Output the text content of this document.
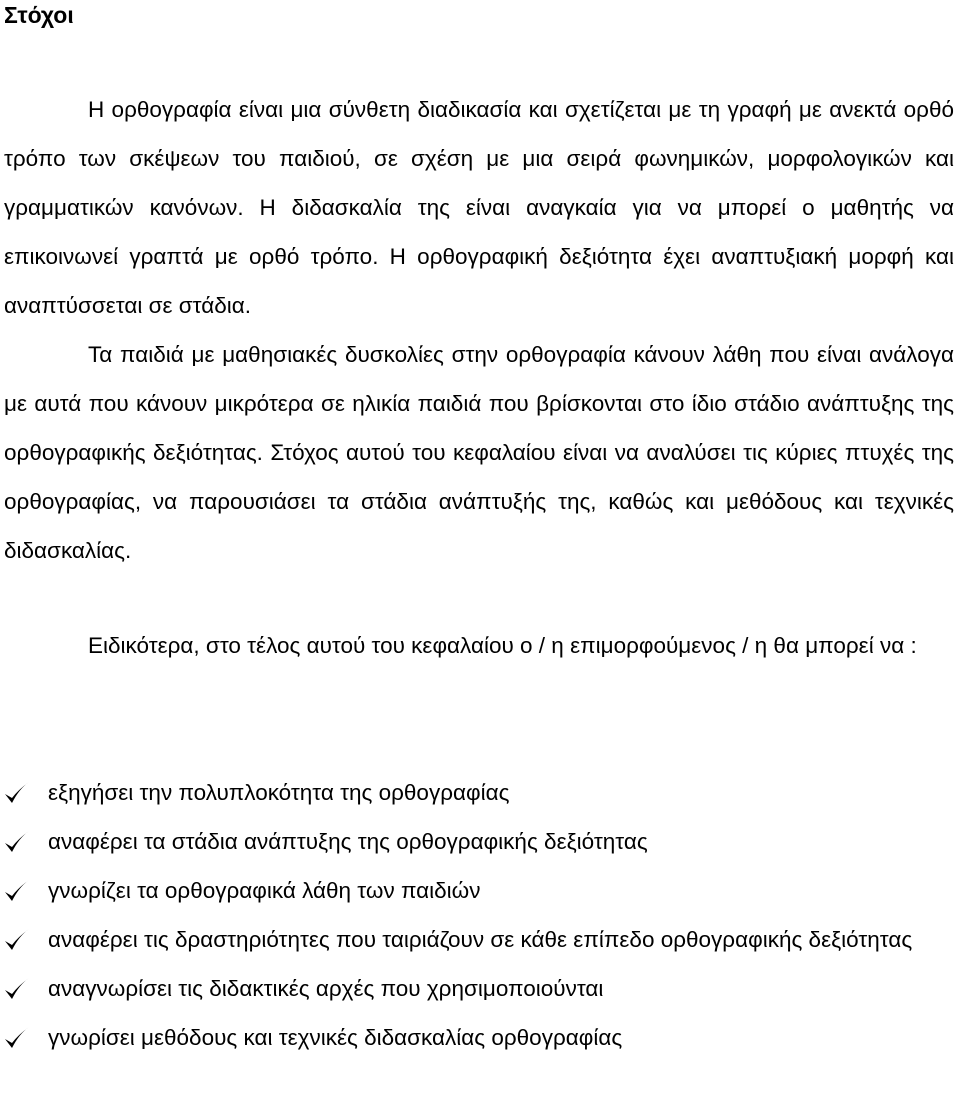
Στόχοι

Η ορθογραφία είναι μια σύνθετη διαδικασία και σχετίζεται με τη γραφή με ανεκτά ορθό τρόπο των σκέψεων του παιδιού, σε σχέση με μια σειρά φωνημικών, μορφολογικών και γραμματικών κανόνων. Η διδασκαλία της είναι αναγκαία για να μπορεί ο μαθητής να επικοινωνεί γραπτά με ορθό τρόπο. Η ορθογραφική δεξιότητα έχει αναπτυξιακή μορφή και αναπτύσσεται σε στάδια.

Τα παιδιά με μαθησιακές δυσκολίες στην ορθογραφία κάνουν λάθη που είναι ανάλογα με αυτά που κάνουν μικρότερα σε ηλικία παιδιά που βρίσκονται στο ίδιο στάδιο ανάπτυξης της ορθογραφικής δεξιότητας. Στόχος αυτού του κεφαλαίου είναι να αναλύσει τις κύριες πτυχές της ορθογραφίας, να παρουσιάσει τα στάδια ανάπτυξής της, καθώς και μεθόδους και τεχνικές διδασκαλίας.

Ειδικότερα, στο τέλος αυτού του κεφαλαίου ο / η επιμορφούμενος / η θα μπορεί να :

εξηγήσει την πολυπλοκότητα της ορθογραφίας
αναφέρει τα στάδια ανάπτυξης της ορθογραφικής δεξιότητας
γνωρίζει τα ορθογραφικά λάθη των παιδιών
αναφέρει τις δραστηριότητες που ταιριάζουν σε κάθε επίπεδο ορθογραφικής δεξιότητας
αναγνωρίσει τις διδακτικές αρχές που χρησιμοποιούνται
γνωρίσει μεθόδους και τεχνικές διδασκαλίας ορθογραφίας
